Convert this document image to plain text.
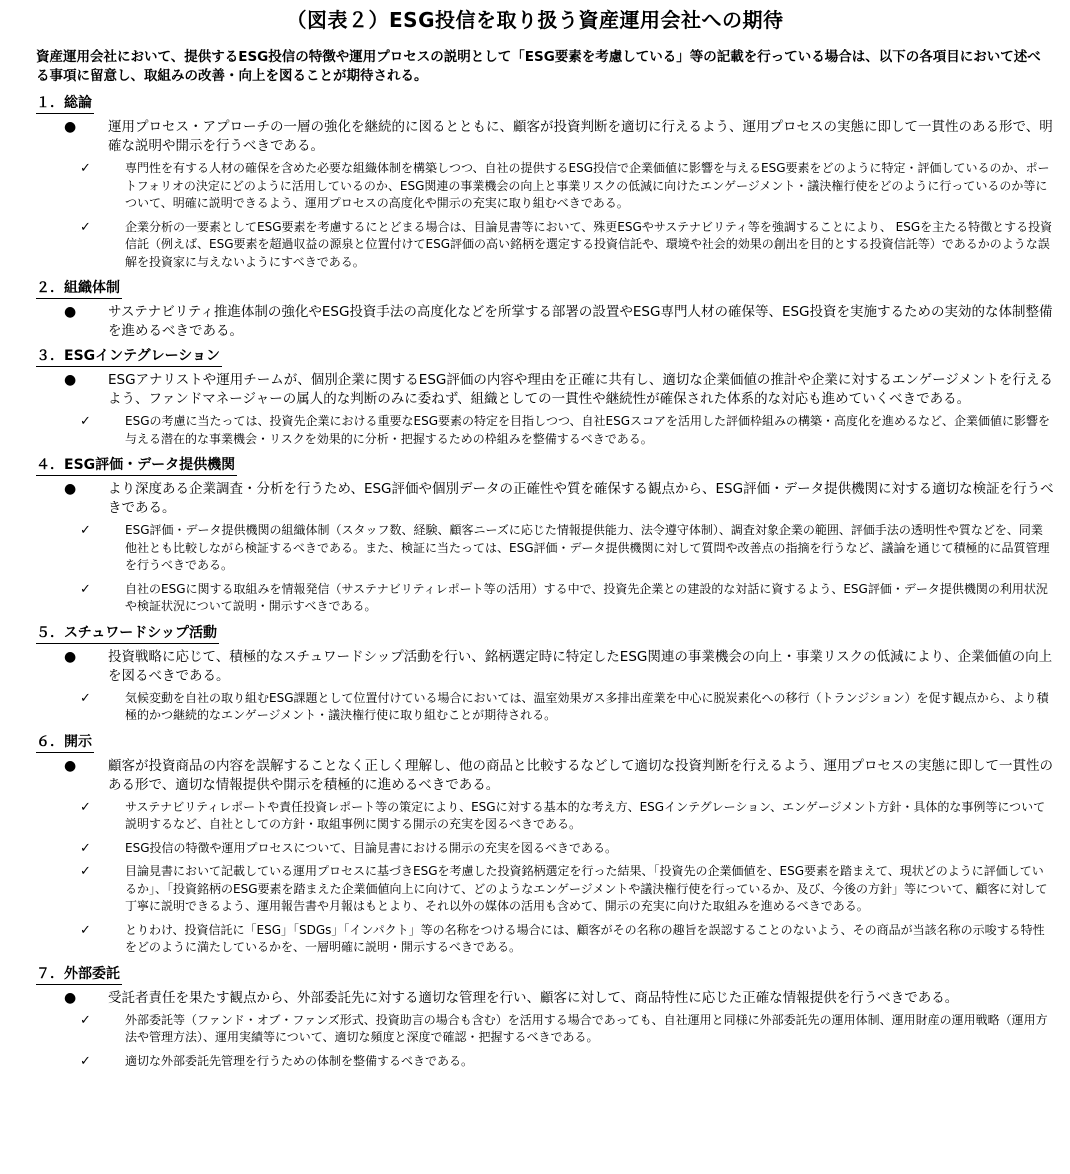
（図表２）ESG投信を取り扱う資産運用会社への期待
資産運用会社において、提供するESG投信の特徴や運用プロセスの説明として「ESG要素を考慮している」等の記載を行っている場合は、以下の各項目において述べる事項に留意し、取組みの改善・向上を図ることが期待される。
１．総論
●	運用プロセス・アプローチの一層の強化を継続的に図るとともに、顧客が投資判断を適切に行えるよう、運用プロセスの実態に即して一貫性のある形で、明確な説明や開示を行うべきである。
✓	専門性を有する人材の確保を含めた必要な組織体制を構築しつつ、自社の提供するESG投信で企業価値に影響を与えるESG要素をどのように特定・評価しているのか、ポートフォリオの決定にどのように活用しているのか、ESG関連の事業機会の向上と事業リスクの低減に向けたエンゲージメント・議決権行使をどのように行っているのか等について、明確に説明できるよう、運用プロセスの高度化や開示の充実に取り組むべきである。
✓	企業分析の一要素としてESG要素を考慮するにとどまる場合は、目論見書等において、殊更ESGやサステナビリティ等を強調することにより、 ESGを主たる特徴とする投資信託（例えば、ESG要素を超過収益の源泉と位置付けてESG評価の高い銘柄を選定する投資信託や、環境や社会的効果の創出を目的とする投資信託等）であるかのような誤解を投資家に与えないようにすべきである。
２．組織体制
●	サステナビリティ推進体制の強化やESG投資手法の高度化などを所掌する部署の設置やESG専門人材の確保等、ESG投資を実施するための実効的な体制整備を進めるべきである。
３．ESGインテグレーション
●	ESGアナリストや運用チームが、個別企業に関するESG評価の内容や理由を正確に共有し、適切な企業価値の推計や企業に対するエンゲージメントを行えるよう、ファンドマネージャーの属人的な判断のみに委ねず、組織としての一貫性や継続性が確保された体系的な対応も進めていくべきである。
✓	ESGの考慮に当たっては、投資先企業における重要なESG要素の特定を目指しつつ、自社ESGスコアを活用した評価枠組みの構築・高度化を進めるなど、企業価値に影響を与える潜在的な事業機会・リスクを効果的に分析・把握するための枠組みを整備するべきである。
４．ESG評価・データ提供機関
●	より深度ある企業調査・分析を行うため、ESG評価や個別データの正確性や質を確保する観点から、ESG評価・データ提供機関に対する適切な検証を行うべきである。
✓	ESG評価・データ提供機関の組織体制（スタッフ数、経験、顧客ニーズに応じた情報提供能力、法令遵守体制）、調査対象企業の範囲、評価手法の透明性や質などを、同業他社とも比較しながら検証するべきである。また、検証に当たっては、ESG評価・データ提供機関に対して質問や改善点の指摘を行うなど、議論を通じて積極的に品質管理を行うべきである。
✓	自社のESGに関する取組みを情報発信（サステナビリティレポート等の活用）する中で、投資先企業との建設的な対話に資するよう、ESG評価・データ提供機関の利用状況や検証状況について説明・開示すべきである。
５．スチュワードシップ活動
●	投資戦略に応じて、積極的なスチュワードシップ活動を行い、銘柄選定時に特定したESG関連の事業機会の向上・事業リスクの低減により、企業価値の向上を図るべきである。
✓	気候変動を自社の取り組むESG課題として位置付けている場合においては、温室効果ガス多排出産業を中心に脱炭素化への移行（トランジション）を促す観点から、より積極的かつ継続的なエンゲージメント・議決権行使に取り組むことが期待される。
６．開示
●	顧客が投資商品の内容を誤解することなく正しく理解し、他の商品と比較するなどして適切な投資判断を行えるよう、運用プロセスの実態に即して一貫性のある形で、適切な情報提供や開示を積極的に進めるべきである。
✓	サステナビリティレポートや責任投資レポート等の策定により、ESGに対する基本的な考え方、ESGインテグレーション、エンゲージメント方針・具体的な事例等について説明するなど、自社としての方針・取組事例に関する開示の充実を図るべきである。
✓	ESG投信の特徴や運用プロセスについて、目論見書における開示の充実を図るべきである。
✓	目論見書において記載している運用プロセスに基づきESGを考慮した投資銘柄選定を行った結果、「投資先の企業価値を、ESG要素を踏まえて、現状どのように評価しているか」、「投資銘柄のESG要素を踏まえた企業価値向上に向けて、どのようなエンゲージメントや議決権行使を行っているか、及び、今後の方針」等について、顧客に対して丁寧に説明できるよう、運用報告書や月報はもとより、それ以外の媒体の活用も含めて、開示の充実に向けた取組みを進めるべきである。
✓	とりわけ、投資信託に「ESG」「SDGs」「インパクト」等の名称をつける場合には、顧客がその名称の趣旨を誤認することのないよう、その商品が当該名称の示唆する特性をどのように満たしているかを、一層明確に説明・開示するべきである。
７．外部委託
●	受託者責任を果たす観点から、外部委託先に対する適切な管理を行い、顧客に対して、商品特性に応じた正確な情報提供を行うべきである。
✓	外部委託等（ファンド・オブ・ファンズ形式、投資助言の場合も含む）を活用する場合であっても、自社運用と同様に外部委託先の運用体制、運用財産の運用戦略（運用方法や管理方法）、運用実績等について、適切な頻度と深度で確認・把握するべきである。
✓	適切な外部委託先管理を行うための体制を整備するべきである。
